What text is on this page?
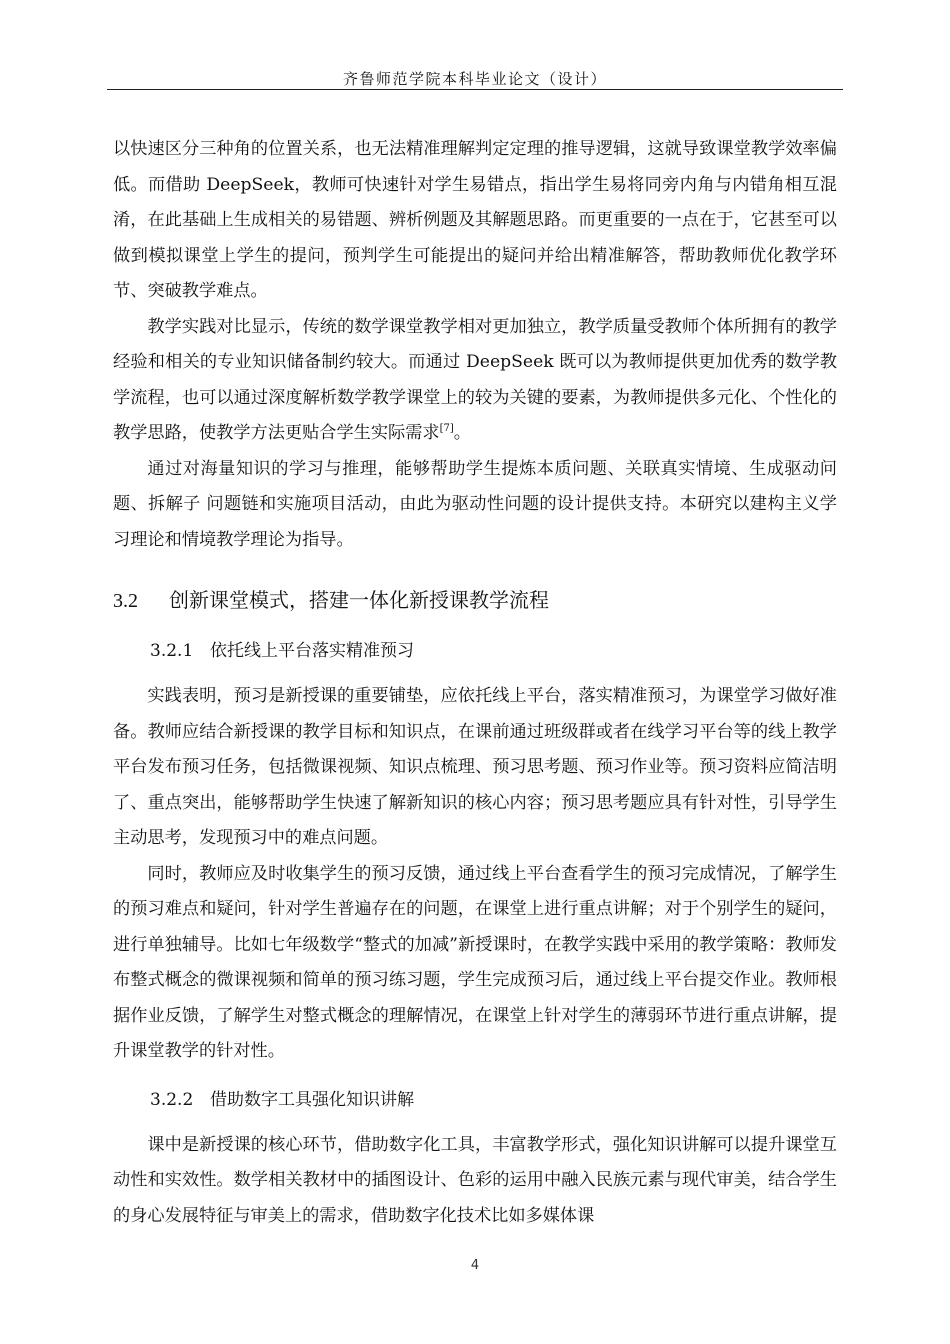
齐鲁师范学院本科毕业论文（设计）

以快速区分三种角的位置关系，也无法精准理解判定定理的推导逻辑，这就导致课堂教学效率偏低。而借助 DeepSeek，教师可快速针对学生易错点，指出学生易将同旁内角与内错角相互混淆，在此基础上生成相关的易错题、辨析例题及其解题思路。而更重要的一点在于，它甚至可以做到模拟课堂上学生的提问，预判学生可能提出的疑问并给出精准解答，帮助教师优化教学环节、突破教学难点。

教学实践对比显示，传统的数学课堂教学相对更加独立，教学质量受教师个体所拥有的教学经验和相关的专业知识储备制约较大。而通过 DeepSeek 既可以为教师提供更加优秀的数学教学流程，也可以通过深度解析数学教学课堂上的较为关键的要素，为教师提供多元化、个性化的教学思路，使教学方法更贴合学生实际需求[7]。

通过对海量知识的学习与推理，能够帮助学生提炼本质问题、关联真实情境、生成驱动问题、拆解子 问题链和实施项目活动，由此为驱动性问题的设计提供支持。本研究以建构主义学习理论和情境教学理论为指导。

3.2 创新课堂模式，搭建一体化新授课教学流程
3.2.1 依托线上平台落实精准预习

实践表明，预习是新授课的重要铺垫，应依托线上平台，落实精准预习，为课堂学习做好准备。教师应结合新授课的教学目标和知识点，在课前通过班级群或者在线学习平台等的线上教学平台发布预习任务，包括微课视频、知识点梳理、预习思考题、预习作业等。预习资料应简洁明了、重点突出，能够帮助学生快速了解新知识的核心内容；预习思考题应具有针对性，引导学生主动思考，发现预习中的难点问题。

同时，教师应及时收集学生的预习反馈，通过线上平台查看学生的预习完成情况，了解学生的预习难点和疑问，针对学生普遍存在的问题，在课堂上进行重点讲解；对于个别学生的疑问，进行单独辅导。比如七年级数学“整式的加减”新授课时，在教学实践中采用的教学策略：教师发布整式概念的微课视频和简单的预习练习题，学生完成预习后，通过线上平台提交作业。教师根据作业反馈，了解学生对整式概念的理解情况，在课堂上针对学生的薄弱环节进行重点讲解，提升课堂教学的针对性。

3.2.2 借助数字工具强化知识讲解

课中是新授课的核心环节，借助数字化工具，丰富教学形式，强化知识讲解可以提升课堂互动性和实效性。数学相关教材中的插图设计、色彩的运用中融入民族元素与现代审美，结合学生的身心发展特征与审美上的需求，借助数字化技术比如多媒体课

4
